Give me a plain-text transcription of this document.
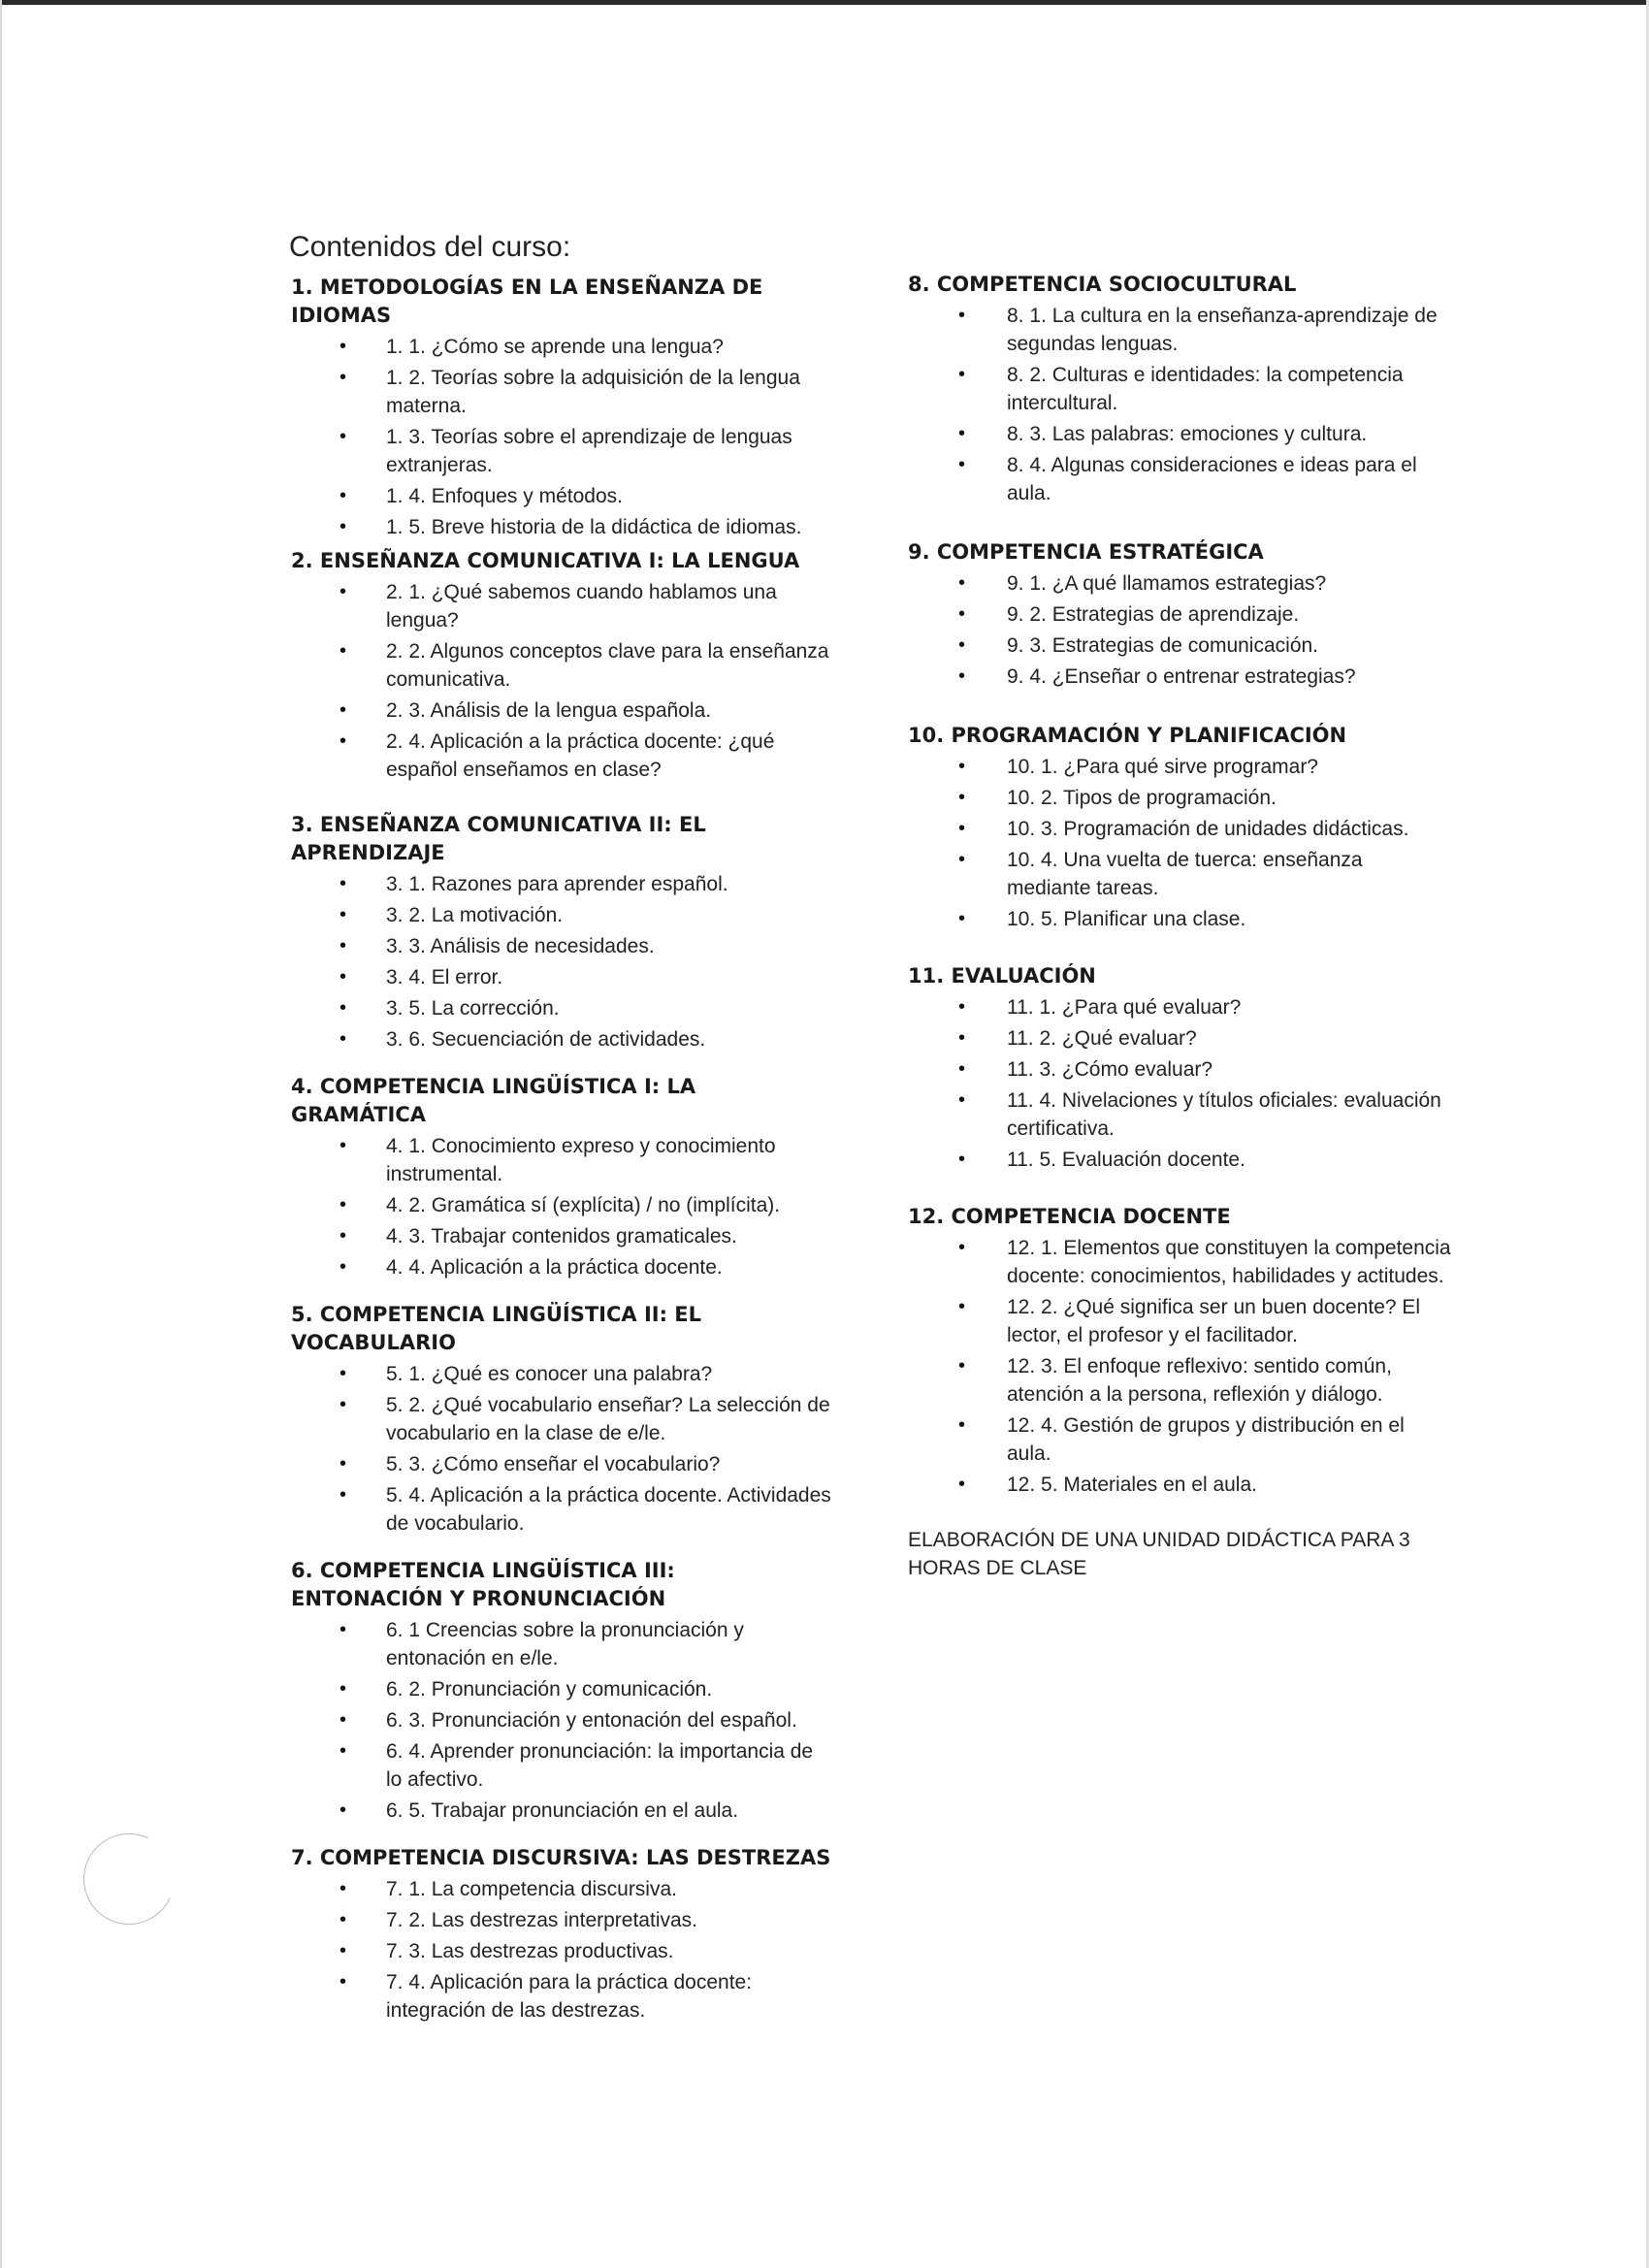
Contenidos del curso:
1. METODOLOGÍAS EN LA ENSEÑANZA DE
IDIOMAS
• 1. 1. ¿Cómo se aprende una lengua?
• 1. 2. Teorías sobre la adquisición de la lengua materna.
• 1. 3. Teorías sobre el aprendizaje de lenguas extranjeras.
• 1. 4. Enfoques y métodos.
• 1. 5. Breve historia de la didáctica de idiomas.
2. ENSEÑANZA COMUNICATIVA I: LA LENGUA
• 2. 1. ¿Qué sabemos cuando hablamos una lengua?
• 2. 2. Algunos conceptos clave para la enseñanza comunicativa.
• 2. 3. Análisis de la lengua española.
• 2. 4. Aplicación a la práctica docente: ¿qué español enseñamos en clase?
3. ENSEÑANZA COMUNICATIVA II: EL
APRENDIZAJE
• 3. 1. Razones para aprender español.
• 3. 2. La motivación.
• 3. 3. Análisis de necesidades.
• 3. 4. El error.
• 3. 5. La corrección.
• 3. 6. Secuenciación de actividades.
4. COMPETENCIA LINGÜÍSTICA I: LA
GRAMÁTICA
• 4. 1. Conocimiento expreso y conocimiento instrumental.
• 4. 2. Gramática sí (explícita) / no (implícita).
• 4. 3. Trabajar contenidos gramaticales.
• 4. 4. Aplicación a la práctica docente.
5. COMPETENCIA LINGÜÍSTICA II: EL
VOCABULARIO
• 5. 1. ¿Qué es conocer una palabra?
• 5. 2. ¿Qué vocabulario enseñar? La selección de vocabulario en la clase de e/le.
• 5. 3. ¿Cómo enseñar el vocabulario?
• 5. 4. Aplicación a la práctica docente. Actividades de vocabulario.
6. COMPETENCIA LINGÜÍSTICA III:
ENTONACIÓN Y PRONUNCIACIÓN
• 6. 1 Creencias sobre la pronunciación y entonación en e/le.
• 6. 2. Pronunciación y comunicación.
• 6. 3. Pronunciación y entonación del español.
• 6. 4. Aprender pronunciación: la importancia de lo afectivo.
• 6. 5. Trabajar pronunciación en el aula.
7. COMPETENCIA DISCURSIVA: LAS DESTREZAS
• 7. 1. La competencia discursiva.
• 7. 2. Las destrezas interpretativas.
• 7. 3. Las destrezas productivas.
• 7. 4. Aplicación para la práctica docente: integración de las destrezas.
8. COMPETENCIA SOCIOCULTURAL
• 8. 1. La cultura en la enseñanza-aprendizaje de segundas lenguas.
• 8. 2. Culturas e identidades: la competencia intercultural.
• 8. 3. Las palabras: emociones y cultura.
• 8. 4. Algunas consideraciones e ideas para el aula.
9. COMPETENCIA ESTRATÉGICA
• 9. 1. ¿A qué llamamos estrategias?
• 9. 2. Estrategias de aprendizaje.
• 9. 3. Estrategias de comunicación.
• 9. 4. ¿Enseñar o entrenar estrategias?
10. PROGRAMACIÓN Y PLANIFICACIÓN
• 10. 1. ¿Para qué sirve programar?
• 10. 2. Tipos de programación.
• 10. 3. Programación de unidades didácticas.
• 10. 4. Una vuelta de tuerca: enseñanza mediante tareas.
• 10. 5. Planificar una clase.
11. EVALUACIÓN
• 11. 1. ¿Para qué evaluar?
• 11. 2. ¿Qué evaluar?
• 11. 3. ¿Cómo evaluar?
• 11. 4. Nivelaciones y títulos oficiales: evaluación certificativa.
• 11. 5. Evaluación docente.
12. COMPETENCIA DOCENTE
• 12. 1. Elementos que constituyen la competencia docente: conocimientos, habilidades y actitudes.
• 12. 2. ¿Qué significa ser un buen docente? El lector, el profesor y el facilitador.
• 12. 3. El enfoque reflexivo: sentido común, atención a la persona, reflexión y diálogo.
• 12. 4. Gestión de grupos y distribución en el aula.
• 12. 5. Materiales en el aula.
ELABORACIÓN DE UNA UNIDAD DIDÁCTICA PARA 3 HORAS DE CLASE
